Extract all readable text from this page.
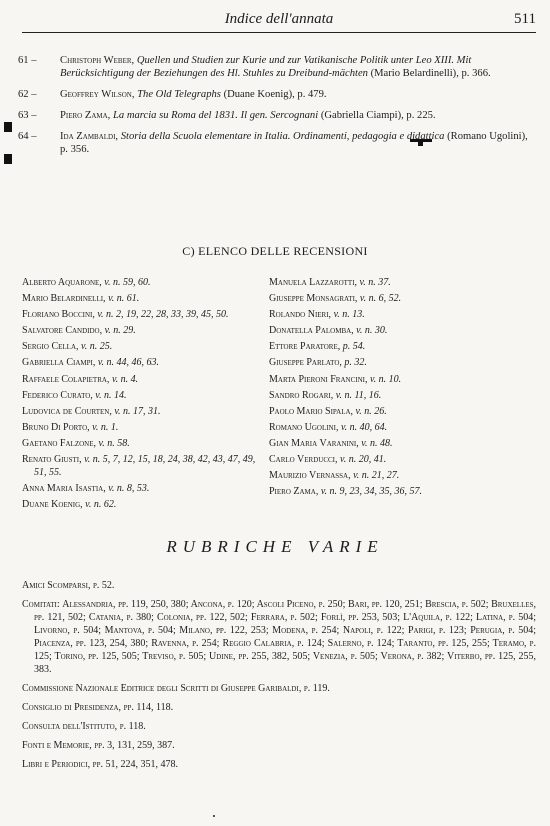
Indice dell'annata	511
61 – Christoph Weber, Quellen und Studien zur Kurie und zur Vatikanische Politik unter Leo XIII. Mit Berücksichtigung der Beziehungen des Hl. Stuhles zu Dreibund-mächten (Mario Belardinelli), p. 366.
62 – Geoffrey Wilson, The Old Telegraphs (Duane Koenig), p. 479.
63 – Piero Zama, La marcia su Roma del 1831. Il gen. Sercognani (Gabriella Ciampi), p. 225.
64 – Ida Zambaldi, Storia della Scuola elementare in Italia. Ordinamenti, pedagogia e didattica (Romano Ugolini), p. 356.
C) ELENCO DELLE RECENSIONI
Alberto Aquarone, v. n. 59, 60.
Mario Belardinelli, v. n. 61.
Floriano Boccini, v. n. 2, 19, 22, 28, 33, 39, 45, 50.
Salvatore Candido, v. n. 29.
Sergio Cella, v. n. 25.
Gabriella Ciampi, v. n. 44, 46, 63.
Raffaele Colapietra, v. n. 4.
Federico Curato, v. n. 14.
Ludovica de Courten, v. n. 17, 31.
Bruno Di Porto, v. n. 1.
Gaetano Falzone, v. n. 58.
Renato Giusti, v. n. 5, 7, 12, 15, 18, 24, 38, 42, 43, 47, 49, 51, 55.
Anna Maria Isastia, v. n. 8, 53.
Duane Koenig, v. n. 62.
Manuela Lazzarotti, v. n. 37.
Giuseppe Monsagrati, v. n. 6, 52.
Rolando Nieri, v. n. 13.
Donatella Palomba, v. n. 30.
Ettore Paratore, p. 54.
Giuseppe Parlato, p. 32.
Marta Pieroni Francini, v. n. 10.
Sandro Rogari, v. n. 11, 16.
Paolo Mario Sipala, v. n. 26.
Romano Ugolini, v. n. 40, 64.
Gian Maria Varanini, v. n. 48.
Carlo Verducci, v. n. 20, 41.
Maurizio Vernassa, v. n. 21, 27.
Piero Zama, v. n. 9, 23, 34, 35, 36, 57.
RUBRICHE VARIE
Amici Scomparsi, p. 52.
Comitati: Alessandria, pp. 119, 250, 380; Ancona, p. 120; Ascoli Piceno, p. 250; Bari, pp. 120, 251; Brescia, p. 502; Bruxelles, pp. 121, 502; Catania, p. 380; Colonia, pp. 122, 502; Ferrara, p. 502; Forlì, pp. 253, 503; L'Aquila, p. 122; Latina, p. 504; Livorno, p. 504; Mantova, p. 504; Milano, pp. 122, 253; Modena, p. 254; Napoli, p. 122; Parigi, p. 123; Perugia, p. 504; Piacenza, pp. 123, 254, 380; Ravenna, p. 254; Reggio Calabria, p. 124; Salerno, p. 124; Taranto, pp. 125, 255; Teramo, p. 125; Torino, pp. 125, 505; Treviso, p. 505; Udine, pp. 255, 382, 505; Venezia, p. 505; Verona, p. 382; Viterbo, pp. 125, 255, 383.
Commissione Nazionale Editrice degli Scritti di Giuseppe Garibaldi, p. 119.
Consiglio di Presidenza, pp. 114, 118.
Consulta dell'Istituto, p. 118.
Fonti e Memorie, pp. 3, 131, 259, 387.
Libri e Periodici, pp. 51, 224, 351, 478.
